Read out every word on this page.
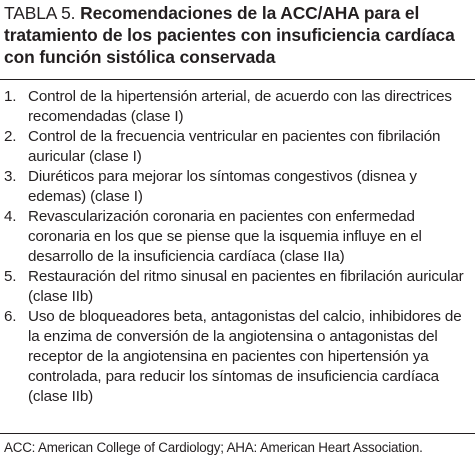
TABLA 5. Recomendaciones de la ACC/AHA para el tratamiento de los pacientes con insuficiencia cardíaca con función sistólica conservada
1. Control de la hipertensión arterial, de acuerdo con las directrices recomendadas (clase I)
2. Control de la frecuencia ventricular en pacientes con fibrilación auricular (clase I)
3. Diuréticos para mejorar los síntomas congestivos (disnea y edemas) (clase I)
4. Revascularización coronaria en pacientes con enfermedad coronaria en los que se piense que la isquemia influye en el desarrollo de la insuficiencia cardíaca (clase IIa)
5. Restauración del ritmo sinusal en pacientes en fibrilación auricular (clase IIb)
6. Uso de bloqueadores beta, antagonistas del calcio, inhibidores de la enzima de conversión de la angiotensina o antagonistas del receptor de la angiotensina en pacientes con hipertensión ya controlada, para reducir los síntomas de insuficiencia cardíaca (clase IIb)
ACC: American College of Cardiology; AHA: American Heart Association.
